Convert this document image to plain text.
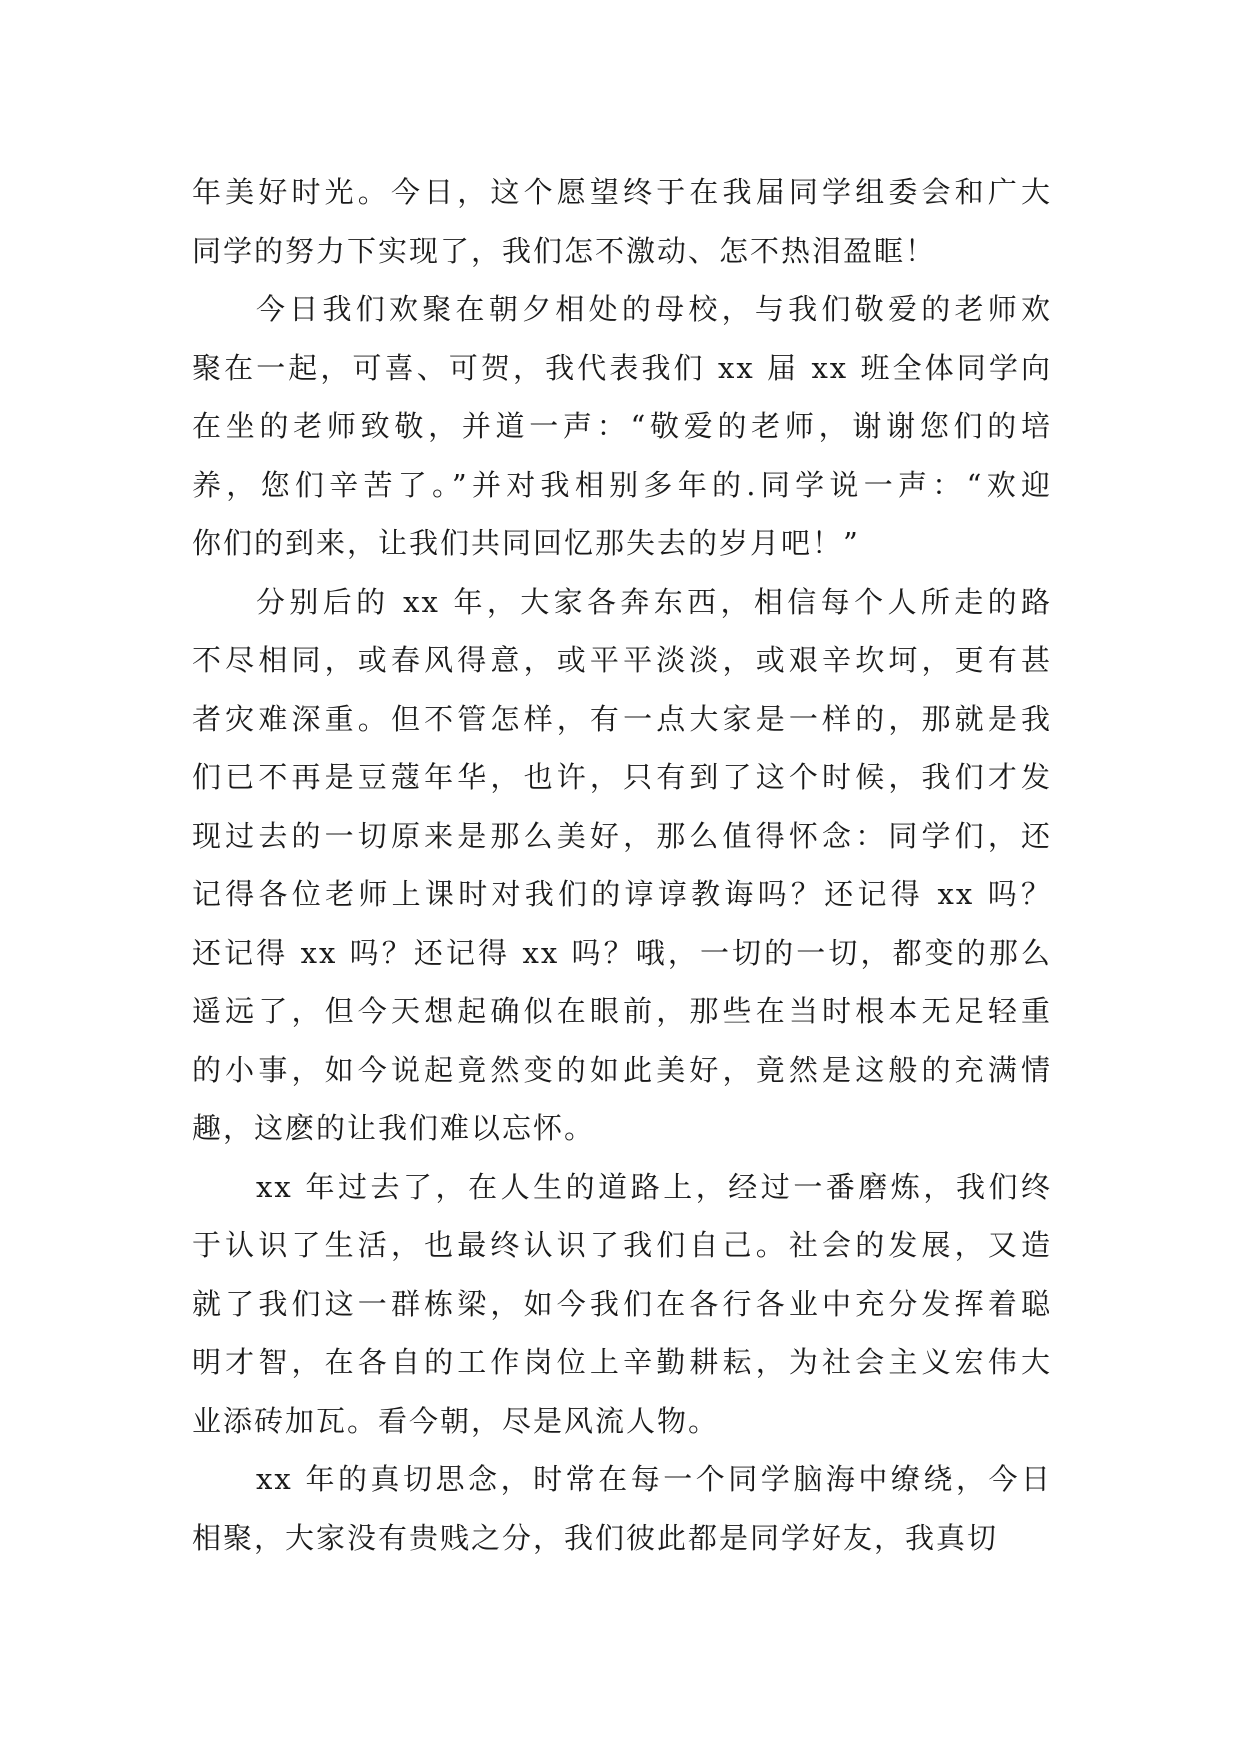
年美好时光。今日，这个愿望终于在我届同学组委会和广大
同学的努力下实现了，我们怎不激动、怎不热泪盈眶！
今日我们欢聚在朝夕相处的母校，与我们敬爱的老师欢
聚在一起，可喜、可贺，我代表我们 xx 届 xx 班全体同学向
在坐的老师致敬，并道一声：“敬爱的老师，谢谢您们的培
养，您们辛苦了。”并对我相别多年的.同学说一声：“欢迎
你们的到来，让我们共同回忆那失去的岁月吧！”
分别后的 xx 年，大家各奔东西，相信每个人所走的路
不尽相同，或春风得意，或平平淡淡，或艰辛坎坷，更有甚
者灾难深重。但不管怎样，有一点大家是一样的，那就是我
们已不再是豆蔻年华，也许，只有到了这个时候，我们才发
现过去的一切原来是那么美好，那么值得怀念：同学们，还
记得各位老师上课时对我们的谆谆教诲吗？还记得 xx 吗？
还记得 xx 吗？还记得 xx 吗？哦，一切的一切，都变的那么
遥远了，但今天想起确似在眼前，那些在当时根本无足轻重
的小事，如今说起竟然变的如此美好，竟然是这般的充满情
趣，这麽的让我们难以忘怀。
xx 年过去了，在人生的道路上，经过一番磨炼，我们终
于认识了生活，也最终认识了我们自己。社会的发展，又造
就了我们这一群栋梁，如今我们在各行各业中充分发挥着聪
明才智，在各自的工作岗位上辛勤耕耘，为社会主义宏伟大
业添砖加瓦。看今朝，尽是风流人物。
xx 年的真切思念，时常在每一个同学脑海中缭绕，今日
相聚，大家没有贵贱之分，我们彼此都是同学好友，我真切
